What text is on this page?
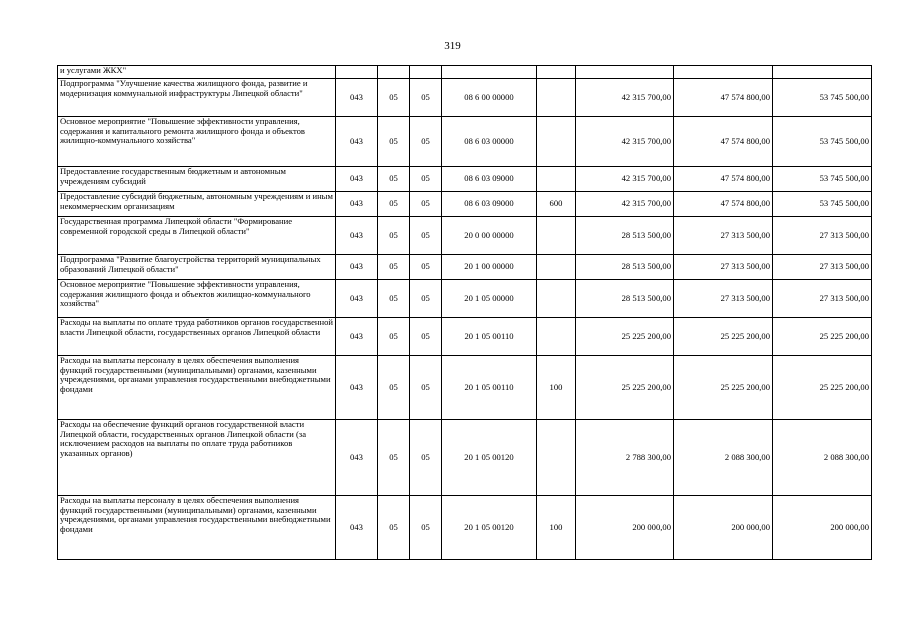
319
и услугами ЖКХ"								
Подпрограмма "Улучшение качества жилищного фонда, развитие и модернизация коммунальной инфраструктуры Липецкой области"	043	05	05	08 6 00 00000		42 315 700,00	47 574 800,00	53 745 500,00
Основное мероприятие "Повышение эффективности управления, содержания и капитального ремонта жилищного фонда и объектов жилищно-коммунального хозяйства"	043	05	05	08 6 03 00000		42 315 700,00	47 574 800,00	53 745 500,00
Предоставление государственным бюджетным и автономным учреждениям субсидий	043	05	05	08 6 03 09000		42 315 700,00	47 574 800,00	53 745 500,00
Предоставление субсидий бюджетным, автономным учреждениям и иным некоммерческим организациям	043	05	05	08 6 03 09000	600	42 315 700,00	47 574 800,00	53 745 500,00
Государственная программа Липецкой области "Формирование современной городской среды в Липецкой области"	043	05	05	20 0 00 00000		28 513 500,00	27 313 500,00	27 313 500,00
Подпрограмма "Развитие благоустройства территорий муниципальных образований Липецкой области"	043	05	05	20 1 00 00000		28 513 500,00	27 313 500,00	27 313 500,00
Основное мероприятие "Повышение эффективности управления, содержания жилищного фонда и объектов жилищно-коммунального хозяйства"	043	05	05	20 1 05 00000		28 513 500,00	27 313 500,00	27 313 500,00
Расходы на выплаты по оплате труда работников органов государственной власти Липецкой области, государственных органов Липецкой области	043	05	05	20 1 05 00110		25 225 200,00	25 225 200,00	25 225 200,00
Расходы на выплаты персоналу в целях обеспечения выполнения функций государственными (муниципальными) органами, казенными учреждениями, органами управления государственными внебюджетными фондами	043	05	05	20 1 05 00110	100	25 225 200,00	25 225 200,00	25 225 200,00
Расходы на обеспечение функций органов государственной власти Липецкой области, государственных органов Липецкой области (за исключением расходов на выплаты по оплате труда работников указанных органов)	043	05	05	20 1 05 00120		2 788 300,00	2 088 300,00	2 088 300,00
Расходы на выплаты персоналу в целях обеспечения выполнения функций государственными (муниципальными) органами, казенными учреждениями, органами управления государственными внебюджетными фондами	043	05	05	20 1 05 00120	100	200 000,00	200 000,00	200 000,00
